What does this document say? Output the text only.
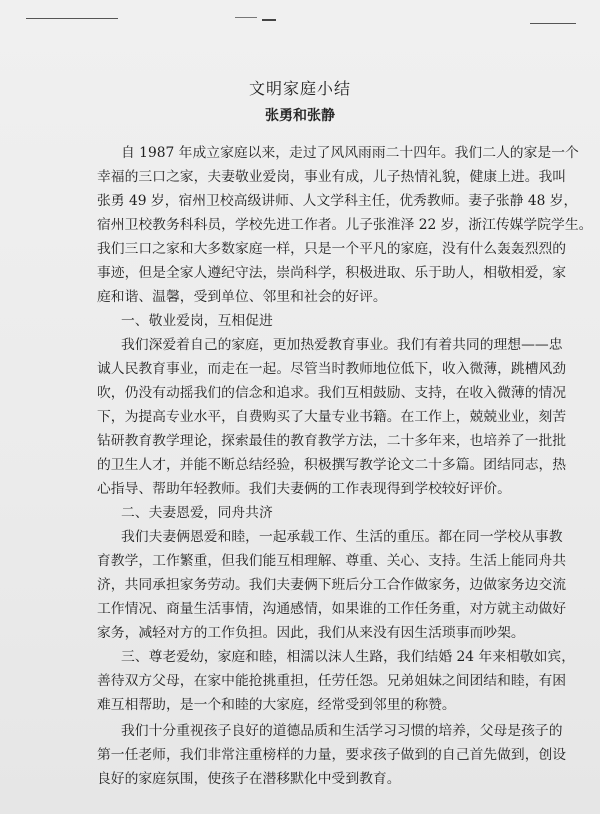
文明家庭小结
张勇和张静
自 1987 年成立家庭以来，走过了风风雨雨二十四年。我们二人的家是一个
幸福的三口之家，夫妻敬业爱岗，事业有成，儿子热情礼貌，健康上进。我叫
张勇 49 岁，宿州卫校高级讲师、人文学科主任，优秀教师。妻子张静 48 岁，
宿州卫校教务科科员，学校先进工作者。儿子张淮泽 22 岁，浙江传媒学院学生。
我们三口之家和大多数家庭一样，只是一个平凡的家庭，没有什么轰轰烈烈的
事迹，但是全家人遵纪守法，崇尚科学，积极进取、乐于助人，相敬相爱，家
庭和谐、温馨，受到单位、邻里和社会的好评。
一、敬业爱岗，互相促进
我们深爱着自己的家庭，更加热爱教育事业。我们有着共同的理想——忠
诚人民教育事业，而走在一起。尽管当时教师地位低下，收入微薄，跳槽风劲
吹，仍没有动摇我们的信念和追求。我们互相鼓励、支持，在收入微薄的情况
下，为提高专业水平，自费购买了大量专业书籍。在工作上，兢兢业业，刻苦
钻研教育教学理论，探索最佳的教育教学方法，二十多年来，也培养了一批批
的卫生人才，并能不断总结经验，积极撰写教学论文二十多篇。团结同志，热
心指导、帮助年轻教师。我们夫妻俩的工作表现得到学校较好评价。
二、夫妻恩爱，同舟共济
我们夫妻俩恩爱和睦，一起承载工作、生活的重压。都在同一学校从事教
育教学，工作繁重，但我们能互相理解、尊重、关心、支持。生活上能同舟共
济，共同承担家务劳动。我们夫妻俩下班后分工合作做家务，边做家务边交流
工作情况、商量生活事情，沟通感情，如果谁的工作任务重，对方就主动做好
家务，减轻对方的工作负担。因此，我们从来没有因生活琐事而吵架。
三、尊老爱幼，家庭和睦，相濡以沫人生路，我们结婚 24 年来相敬如宾，
善待双方父母，在家中能抢挑重担，任劳任怨。兄弟姐妹之间团结和睦，有困
难互相帮助，是一个和睦的大家庭，经常受到邻里的称赞。
我们十分重视孩子良好的道德品质和生活学习习惯的培养，父母是孩子的
第一任老师，我们非常注重榜样的力量，要求孩子做到的自己首先做到，创设
良好的家庭氛围，使孩子在潜移默化中受到教育。
